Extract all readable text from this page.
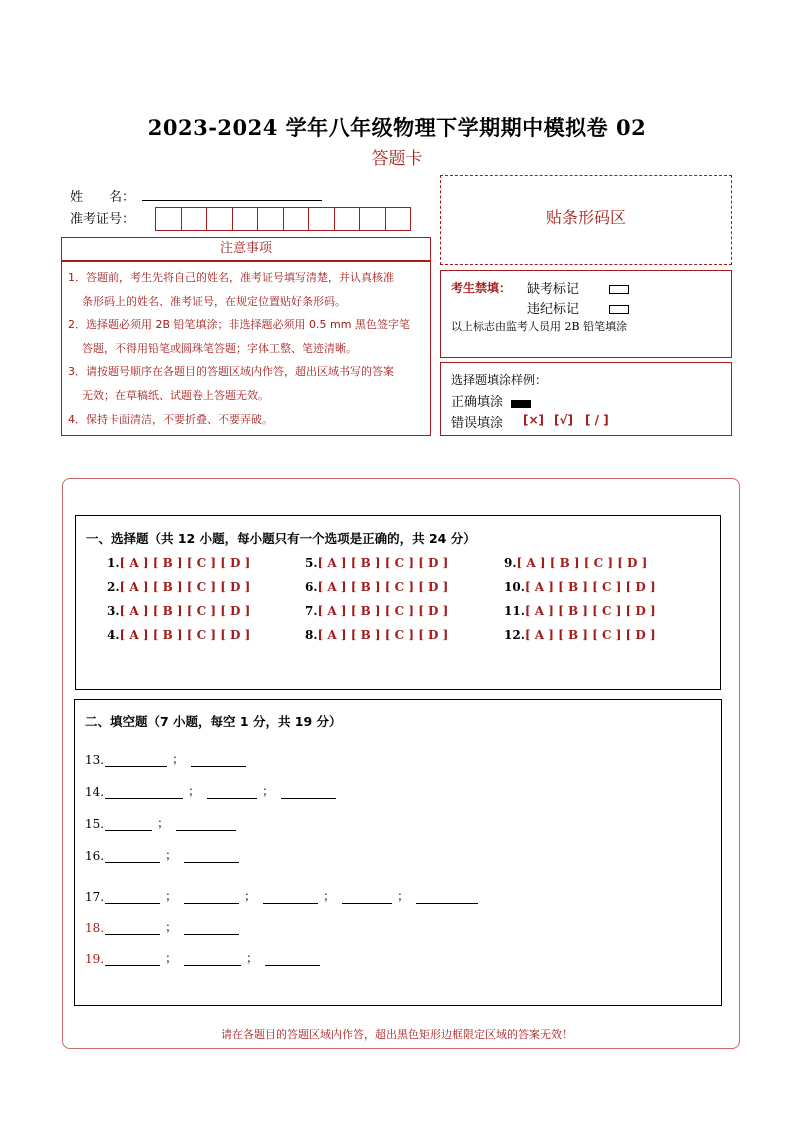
2023-2024 学年八年级物理下学期期中模拟卷 02
答题卡
姓　　名：
准考证号：
注意事项
1．答题前，考生先将自己的姓名，准考证号填写清楚，并认真核准
条形码上的姓名、准考证号，在规定位置贴好条形码。
2．选择题必须用 2B 铅笔填涂；非选择题必须用 0.5 mm 黑色签字笔
答题，不得用铅笔或圆珠笔答题；字体工整、笔迹清晰。
3．请按题号顺序在各题目的答题区域内作答，超出区域书写的答案
无效；在草稿纸、试题卷上答题无效。
4．保持卡面清洁，不要折叠、不要弄破。
贴条形码区
考生禁填： 缺考标记
违纪标记
以上标志由监考人员用 2B 铅笔填涂
选择题填涂样例：
正确填涂
错误填涂 [×] [√] [ / ]
一、选择题（共 12 小题，每小题只有一个选项是正确的，共 24 分）
1.[ A ] [ B ] [ C ] [ D ]
2.[ A ] [ B ] [ C ] [ D ]
3.[ A ] [ B ] [ C ] [ D ]
4.[ A ] [ B ] [ C ] [ D ]
5.[ A ] [ B ] [ C ] [ D ]
6.[ A ] [ B ] [ C ] [ D ]
7.[ A ] [ B ] [ C ] [ D ]
8.[ A ] [ B ] [ C ] [ D ]
9.[ A ] [ B ] [ C ] [ D ]
10.[ A ] [ B ] [ C ] [ D ]
11.[ A ] [ B ] [ C ] [ D ]
12.[ A ] [ B ] [ C ] [ D ]
二、填空题（7 小题，每空 1 分，共 19 分）
13.	；
14.	；	；
15.	；
16.	；
17.	；	；	；	；
18.	；
19.	；	；
请在各题目的答题区域内作答，超出黑色矩形边框限定区域的答案无效！
